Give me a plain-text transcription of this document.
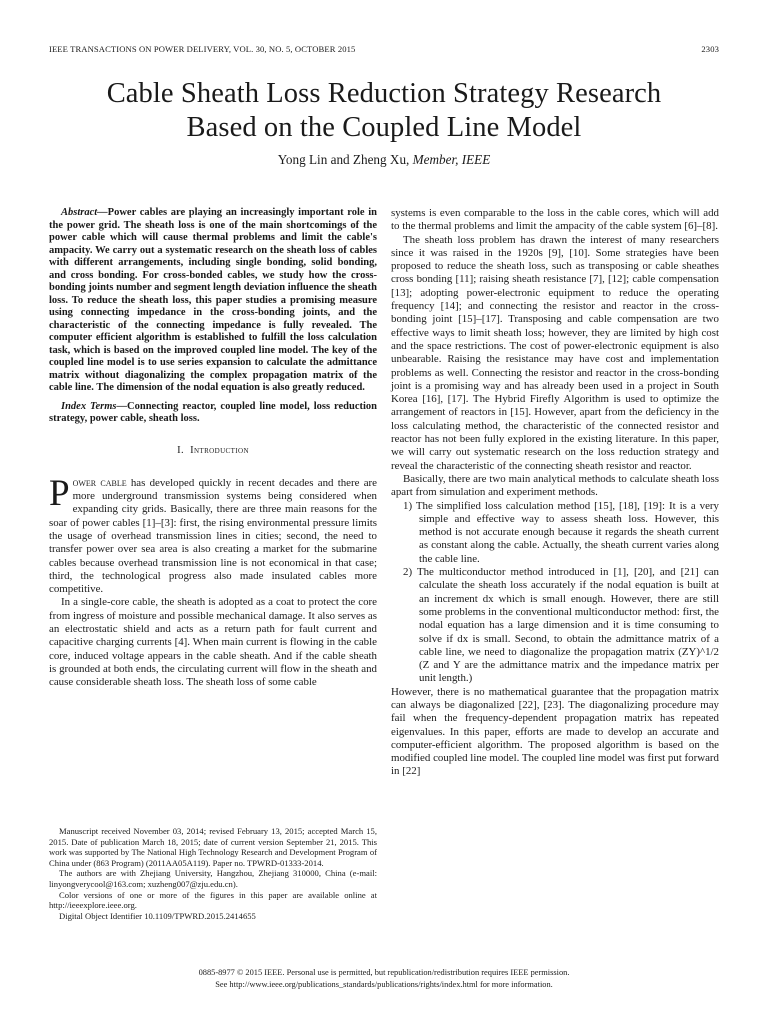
IEEE TRANSACTIONS ON POWER DELIVERY, VOL. 30, NO. 5, OCTOBER 2015	2303
Cable Sheath Loss Reduction Strategy Research
Based on the Coupled Line Model
Yong Lin and Zheng Xu, Member, IEEE

Abstract—Power cables are playing an increasingly important role in the power grid. The sheath loss is one of the main shortcomings of the power cable which will cause thermal problems and limit the cable's ampacity. We carry out a systematic research on the sheath loss of cables with different arrangements, including single bonding, solid bonding, and cross bonding. For cross-bonded cables, we study how the cross-bonding joints number and segment length deviation influence the sheath loss. To reduce the sheath loss, this paper studies a promising measure using connecting impedance in the cross-bonding joints, and the characteristic of the connecting impedance is fully revealed. The computer efficient algorithm is established to fulfill the loss calculation task, which is based on the improved coupled line model. The key of the coupled line model is to use series expansion to calculate the admittance matrix without diagonalizing the complex propagation matrix of the cable line. The dimension of the nodal equation is also greatly reduced.

Index Terms—Connecting reactor, coupled line model, loss reduction strategy, power cable, sheath loss.

I. Introduction

Power cable has developed quickly in recent decades and there are more underground transmission systems being considered when expanding city grids. Basically, there are three main reasons for the soar of power cables [1]–[3]: first, the rising environmental pressure limits the usage of overhead transmission lines in cities; second, the need to transfer power over sea area is also creating a market for the submarine cables because overhead transmission line is not economical in that case; third, the technological progress also made insulated cables more competitive.

In a single-core cable, the sheath is adopted as a coat to protect the core from ingress of moisture and possible mechanical damage. It also serves as an electrostatic shield and acts as a return path for fault current and capacitive charging currents [4]. When main current is flowing in the cable core, induced voltage appears in the cable sheath. And if the cable sheath is grounded at both ends, the circulating current will flow in the sheath and cause considerable sheath loss. The sheath loss of some cable

Manuscript received November 03, 2014; revised February 13, 2015; accepted March 15, 2015. Date of publication March 18, 2015; date of current version September 21, 2015. This work was supported by The National High Technology Research and Development Program of China under (863 Program) (2011AA05A119). Paper no. TPWRD-01333-2014.

The authors are with Zhejiang University, Hangzhou, Zhejiang 310000, China (e-mail: linyongverycool@163.com; xuzheng007@zju.edu.cn).

Color versions of one or more of the figures in this paper are available online at http://ieeexplore.ieee.org.

Digital Object Identifier 10.1109/TPWRD.2015.2414655

systems is even comparable to the loss in the cable cores, which will add to the thermal problems and limit the ampacity of the cable system [6]–[8].

The sheath loss problem has drawn the interest of many researchers since it was raised in the 1920s [9], [10]. Some strategies have been proposed to reduce the sheath loss, such as transposing or cable sheathes cross bonding [11]; raising sheath resistance [7], [12]; cable compensation [13]; adopting power-electronic equipment to reduce the operating frequency [14]; and connecting the resistor and reactor in the cross-bonding joint [15]–[17]. Transposing and cable compensation are two effective ways to limit sheath loss; however, they are limited by high cost and the space restrictions. The cost of power-electronic equipment is also unbearable. Raising the resistance may have cost and implementation problems as well. Connecting the resistor and reactor in the cross-bonding joint is a promising way and has already been used in a project in South Korea [16], [17]. The Hybrid Firefly Algorithm is used to optimize the arrangement of reactors in [15]. However, apart from the deficiency in the loss calculating method, the characteristic of the connected resistor and reactor has not been fully explored in the existing literature. In this paper, we will carry out systematic research on the loss reduction strategy and reveal the characteristic of the connecting sheath resistor and reactor.

Basically, there are two main analytical methods to calculate sheath loss apart from simulation and experiment methods.

1) The simplified loss calculation method [15], [18], [19]: It is a very simple and effective way to assess sheath loss. However, this method is not accurate enough because it regards the sheath current as constant along the cable. Actually, the sheath current varies along the cable line.

2) The multiconductor method introduced in [1], [20], and [21] can calculate the sheath loss accurately if the nodal equation is built at an increment dx which is small enough. However, there are still some problems in the conventional multiconductor method: first, the nodal equation has a large dimension and it is time consuming to solve if dx is small. Second, to obtain the admittance matrix of a cable line, we need to diagonalize the propagation matrix (ZY)^1/2 (Z and Y are the admittance matrix and the impedance matrix per unit length.)

However, there is no mathematical guarantee that the propagation matrix can always be diagonalized [22], [23]. The diagonalizing procedure may fail when the frequency-dependent propagation matrix has repeated eigenvalues. In this paper, efforts are made to develop an accurate and computer-efficient algorithm. The proposed algorithm is based on the modified coupled line model. The coupled line model was first put forward in [22]

0885-8977 © 2015 IEEE. Personal use is permitted, but republication/redistribution requires IEEE permission.
See http://www.ieee.org/publications_standards/publications/rights/index.html for more information.
